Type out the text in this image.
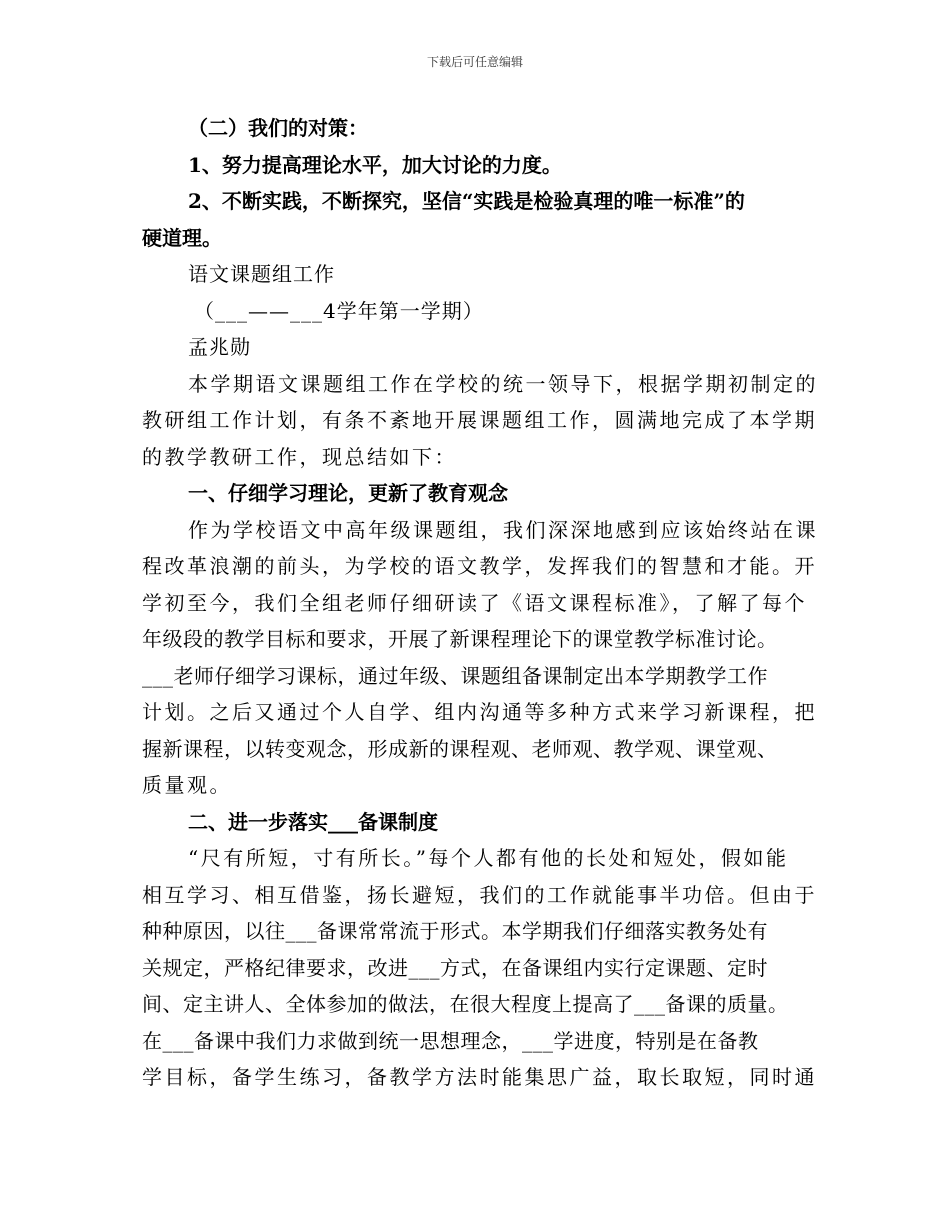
下载后可任意编辑
（二）我们的对策：
1、努力提高理论水平，加大讨论的力度。
2、不断实践，不断探究，坚信“实践是检验真理的唯一标准”的
硬道理。
语文课题组工作
（___——___4学年第一学期）
孟兆勋
本学期语文课题组工作在学校的统一领导下，根据学期初制定的
教研组工作计划，有条不紊地开展课题组工作，圆满地完成了本学期
的教学教研工作，现总结如下：
一、仔细学习理论，更新了教育观念
作为学校语文中高年级课题组，我们深深地感到应该始终站在课
程改革浪潮的前头，为学校的语文教学，发挥我们的智慧和才能。开
学初至今，我们全组老师仔细研读了《语文课程标准》，了解了每个
年级段的教学目标和要求，开展了新课程理论下的课堂教学标准讨论。
___老师仔细学习课标，通过年级、课题组备课制定出本学期教学工作
计划。之后又通过个人自学、组内沟通等多种方式来学习新课程，把
握新课程，以转变观念，形成新的课程观、老师观、教学观、课堂观、
质量观。
二、进一步落实___备课制度
“尺有所短，寸有所长。”每个人都有他的长处和短处，假如能
相互学习、相互借鉴，扬长避短，我们的工作就能事半功倍。但由于
种种原因，以往___备课常常流于形式。本学期我们仔细落实教务处有
关规定，严格纪律要求，改进___方式，在备课组内实行定课题、定时
间、定主讲人、全体参加的做法，在很大程度上提高了___备课的质量。
在___备课中我们力求做到统一思想理念，___学进度，特别是在备教
学目标，备学生练习，备教学方法时能集思广益，取长取短，同时通
